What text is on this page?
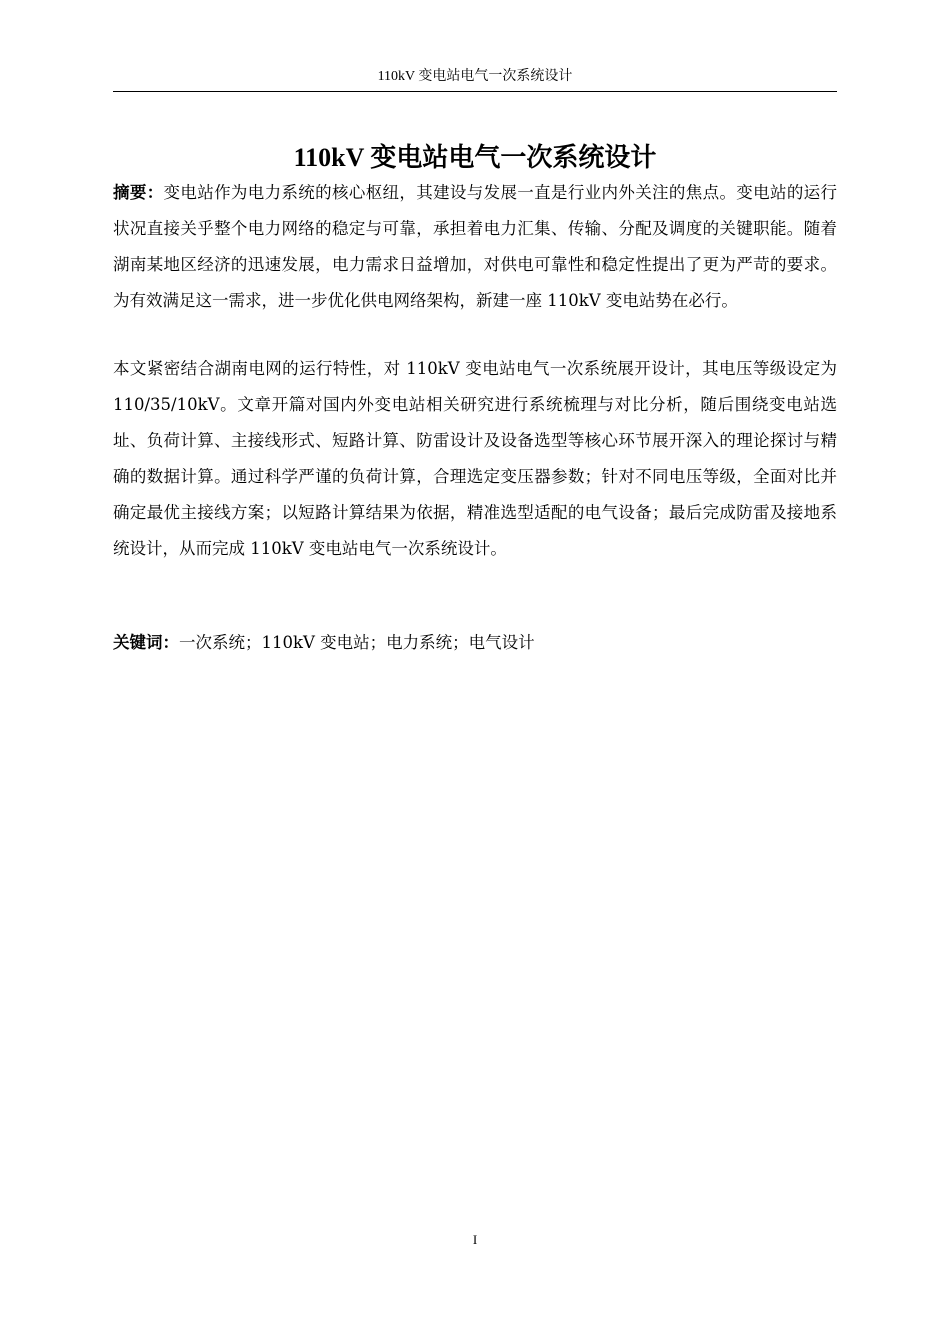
110kV 变电站电气一次系统设计
110kV 变电站电气一次系统设计

摘要：变电站作为电力系统的核心枢纽，其建设与发展一直是行业内外关注的焦点。变电站的运行状况直接关乎整个电力网络的稳定与可靠，承担着电力汇集、传输、分配及调度的关键职能。随着湖南某地区经济的迅速发展，电力需求日益增加，对供电可靠性和稳定性提出了更为严苛的要求。为有效满足这一需求，进一步优化供电网络架构，新建一座 110kV 变电站势在必行。

本文紧密结合湖南电网的运行特性，对 110kV 变电站电气一次系统展开设计，其电压等级设定为 110/35/10kV。文章开篇对国内外变电站相关研究进行系统梳理与对比分析，随后围绕变电站选址、负荷计算、主接线形式、短路计算、防雷设计及设备选型等核心环节展开深入的理论探讨与精确的数据计算。通过科学严谨的负荷计算，合理选定变压器参数；针对不同电压等级，全面对比并确定最优主接线方案；以短路计算结果为依据，精准选型适配的电气设备；最后完成防雷及接地系统设计，从而完成 110kV 变电站电气一次系统设计。

关键词：一次系统；110kV 变电站；电力系统；电气设计

I
